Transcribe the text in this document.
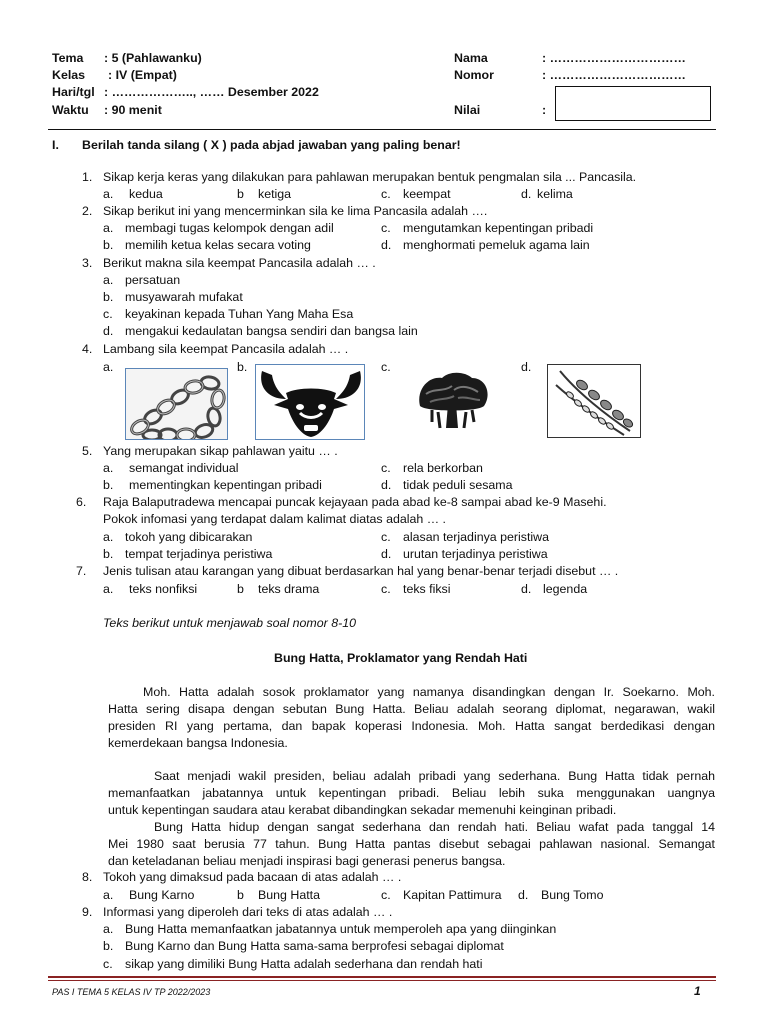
Tema : 5 (Pahlawanku)
Kelas : IV (Empat)
Hari/tgl : ……………….., …… Desember 2022
Waktu : 90 menit
Nama	: ……………………………
Nomor	: ……………………………
Nilai	:
I. Berilah tanda silang ( X ) pada abjad jawaban yang paling benar!
1. Sikap kerja keras yang dilakukan para pahlawan merupakan bentuk pengmalan sila ... Pancasila.
a. kedua	b ketiga	c. keempat	d. kelima
2. Sikap berikut ini yang mencerminkan sila ke lima Pancasila adalah ….
a. membagi tugas kelompok dengan adil	c. mengutamkan kepentingan pribadi
b. memilih ketua kelas secara voting	d. menghormati pemeluk agama lain
3. Berikut makna sila keempat Pancasila adalah … .
a. persatuan
b. musyawarah mufakat
c. keyakinan kepada Tuhan Yang Maha Esa
d. mengakui kedaulatan bangsa sendiri dan bangsa lain
4. Lambang sila keempat Pancasila adalah … .
a.	b.	c.	d.
5. Yang merupakan sikap pahlawan yaitu … .
a. semangat individual	c. rela berkorban
b. mementingkan kepentingan pribadi	d. tidak peduli sesama
6. Raja Balaputradewa mencapai puncak kejayaan pada abad ke-8 sampai abad ke-9 Masehi.
Pokok infomasi yang terdapat dalam kalimat diatas adalah … .
a. tokoh yang dibicarakan	c. alasan terjadinya peristiwa
b. tempat terjadinya peristiwa	d. urutan terjadinya peristiwa
7. Jenis tulisan atau karangan yang dibuat berdasarkan hal yang benar-benar terjadi disebut … .
a. teks nonfiksi	b teks drama	c. teks fiksi	d. legenda
Teks berikut untuk menjawab soal nomor 8-10
Bung Hatta, Proklamator yang Rendah Hati
Moh. Hatta adalah sosok proklamator yang namanya disandingkan dengan Ir. Soekarno. Moh.
Hatta sering disapa dengan sebutan Bung Hatta. Beliau adalah seorang diplomat, negarawan, wakil
presiden RI yang pertama, dan bapak koperasi Indonesia. Moh. Hatta sangat berdedikasi dengan
kemerdekaan bangsa Indonesia.
Saat menjadi wakil presiden, beliau adalah pribadi yang sederhana. Bung Hatta tidak pernah
memanfaatkan jabatannya untuk kepentingan pribadi. Beliau lebih suka menggunakan uangnya
untuk kepentingan saudara atau kerabat dibandingkan sekadar memenuhi keinginan pribadi.
Bung Hatta hidup dengan sangat sederhana dan rendah hati. Beliau wafat pada tanggal 14
Mei 1980 saat berusia 77 tahun. Bung Hatta pantas disebut sebagai pahlawan nasional. Semangat
dan keteladanan beliau menjadi inspirasi bagi generasi penerus bangsa.
8. Tokoh yang dimaksud pada bacaan di atas adalah … .
a. Bung Karno	b Bung Hatta	c. Kapitan Pattimura d. Bung Tomo
9. Informasi yang diperoleh dari teks di atas adalah … .
a. Bung Hatta memanfaatkan jabatannya untuk memperoleh apa yang diinginkan
b. Bung Karno dan Bung Hatta sama-sama berprofesi sebagai diplomat
c. sikap yang dimiliki Bung Hatta adalah sederhana dan rendah hati
PAS I TEMA 5 KELAS IV TP 2022/2023	1
